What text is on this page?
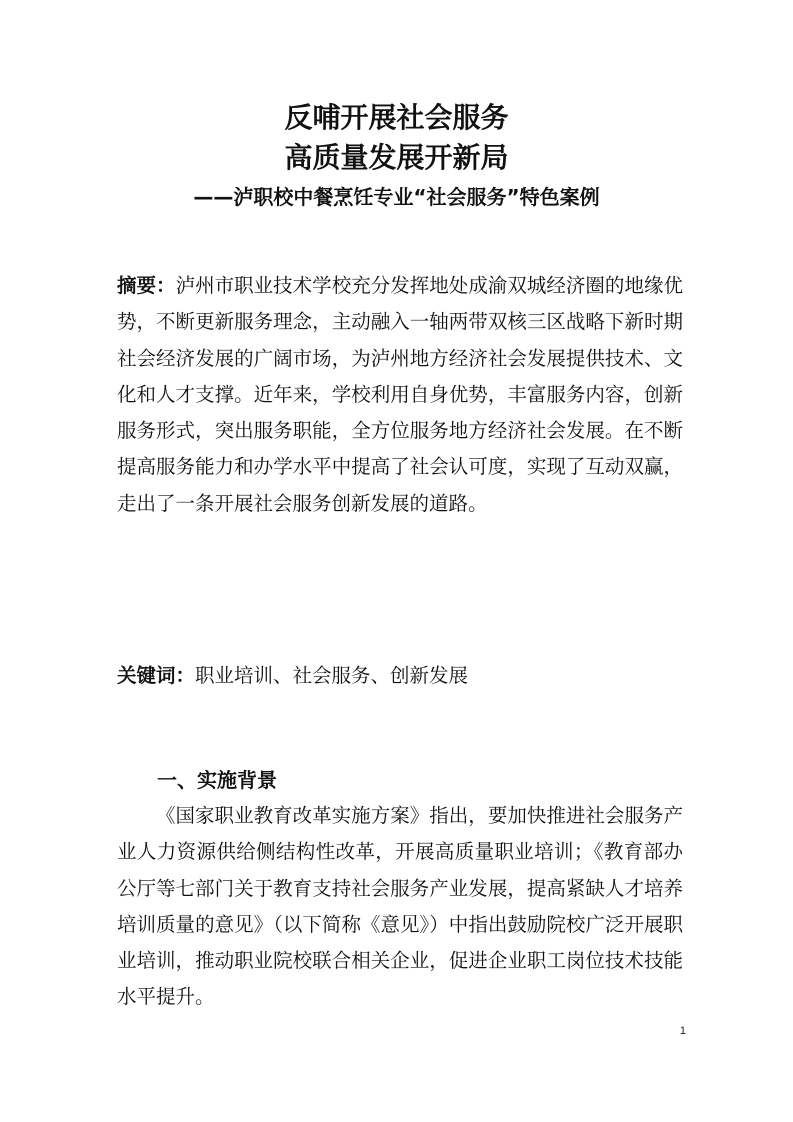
反哺开展社会服务
高质量发展开新局
——泸职校中餐烹饪专业“社会服务”特色案例

摘要：泸州市职业技术学校充分发挥地处成渝双城经济圈的地缘优势，不断更新服务理念，主动融入一轴两带双核三区战略下新时期社会经济发展的广阔市场，为泸州地方经济社会发展提供技术、文化和人才支撑。近年来，学校利用自身优势，丰富服务内容，创新服务形式，突出服务职能，全方位服务地方经济社会发展。在不断提高服务能力和办学水平中提高了社会认可度，实现了互动双赢，走出了一条开展社会服务创新发展的道路。

关键词：职业培训、社会服务、创新发展

一、实施背景

《国家职业教育改革实施方案》指出，要加快推进社会服务产业人力资源供给侧结构性改革，开展高质量职业培训；《教育部办公厅等七部门关于教育支持社会服务产业发展，提高紧缺人才培养培训质量的意见》（以下简称《意见》）中指出鼓励院校广泛开展职业培训，推动职业院校联合相关企业，促进企业职工岗位技术技能水平提升。

1
